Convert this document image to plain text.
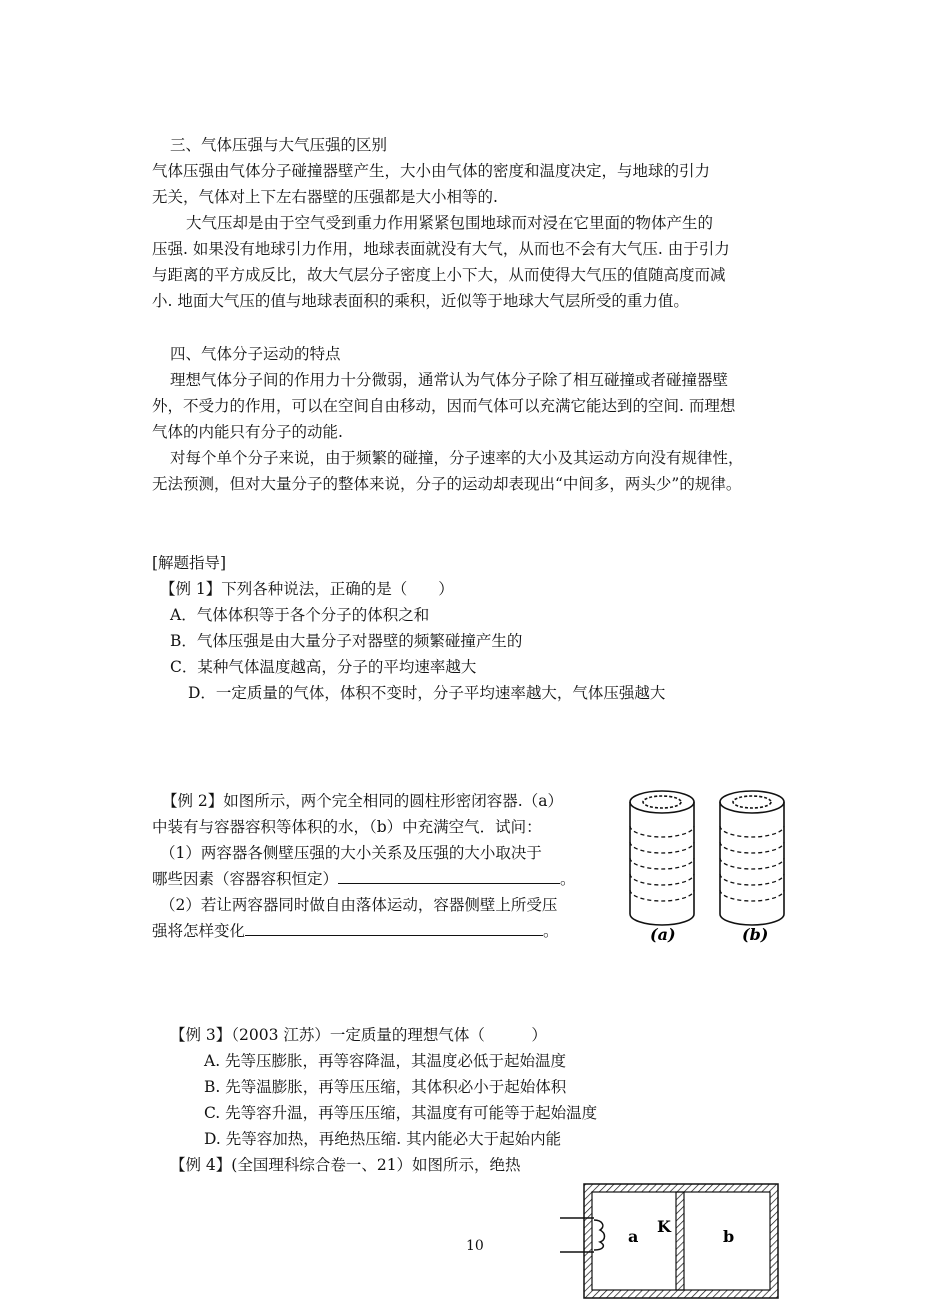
三、气体压强与大气压强的区别

气体压强由气体分子碰撞器壁产生，大小由气体的密度和温度决定，与地球的引力

无关，气体对上下左右器壁的压强都是大小相等的.

大气压却是由于空气受到重力作用紧紧包围地球而对浸在它里面的物体产生的

压强. 如果没有地球引力作用，地球表面就没有大气，从而也不会有大气压. 由于引力

与距离的平方成反比，故大气层分子密度上小下大，从而使得大气压的值随高度而减

小. 地面大气压的值与地球表面积的乘积，近似等于地球大气层所受的重力值。

四、气体分子运动的特点

理想气体分子间的作用力十分微弱，通常认为气体分子除了相互碰撞或者碰撞器壁

外，不受力的作用，可以在空间自由移动，因而气体可以充满它能达到的空间. 而理想

气体的内能只有分子的动能.

对每个单个分子来说，由于频繁的碰撞，分子速率的大小及其运动方向没有规律性，

无法预测，但对大量分子的整体来说，分子的运动却表现出“中间多，两头少”的规律。

[解题指导]

【例 1】下列各种说法，正确的是（　　）

A．气体体积等于各个分子的体积之和

B．气体压强是由大量分子对器壁的频繁碰撞产生的

C．某种气体温度越高，分子的平均速率越大

D．一定质量的气体，体积不变时，分子平均速率越大，气体压强越大

【例 2】如图所示，两个完全相同的圆柱形密闭容器.（a）

中装有与容器容积等体积的水，（b）中充满空气．试问：

（1）两容器各侧壁压强的大小关系及压强的大小取决于

哪些因素（容器容积恒定）	。

（2）若让两容器同时做自由落体运动，容器侧壁上所受压

强将怎样变化	。	(a)	(b)

【例 3】（2003 江苏）一定质量的理想气体（　　　）

A. 先等压膨胀，再等容降温，其温度必低于起始温度

B. 先等温膨胀，再等压压缩，其体积必小于起始体积

C. 先等容升温，再等压压缩，其温度有可能等于起始温度

D. 先等容加热，再绝热压缩. 其内能必大于起始内能

【例 4】(全国理科综合卷一、21）如图所示，绝热

a
K
b

10
